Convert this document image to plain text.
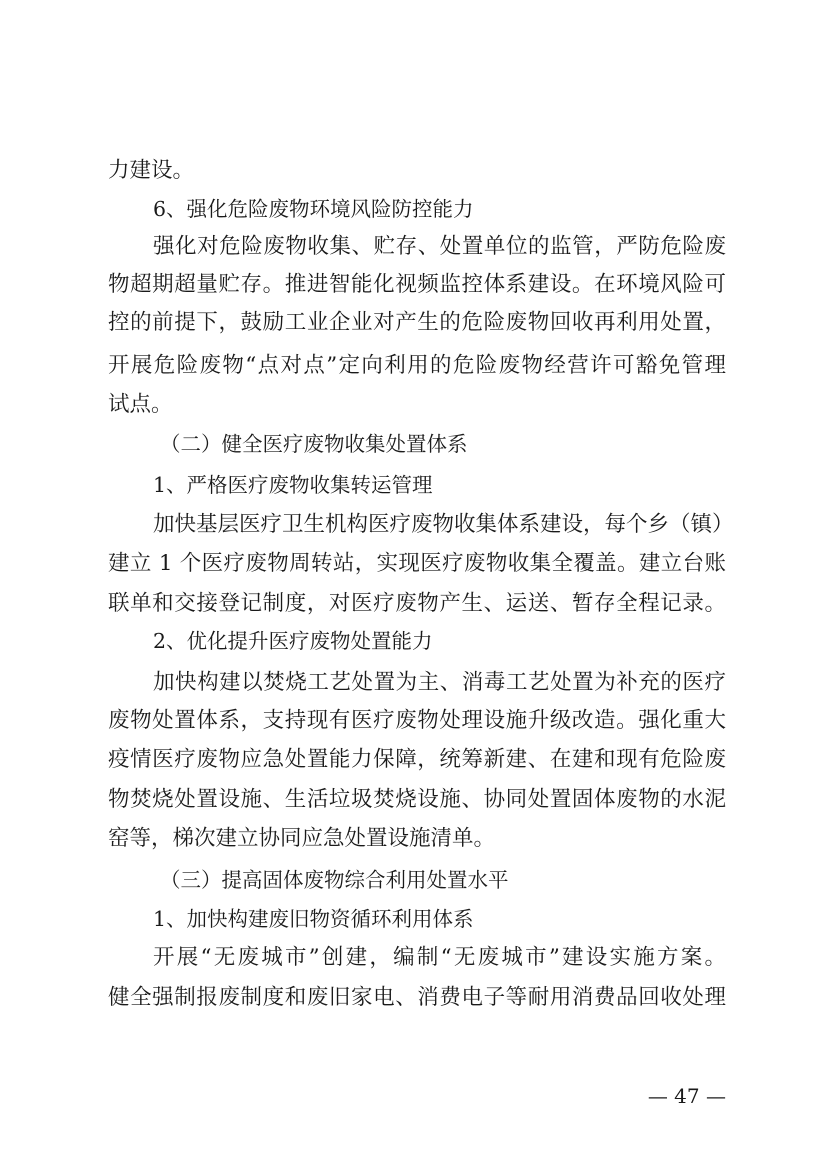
力建设。
6、强化危险废物环境风险防控能力
强化对危险废物收集、贮存、处置单位的监管，严防危险废
物超期超量贮存。推进智能化视频监控体系建设。在环境风险可
控的前提下，鼓励工业企业对产生的危险废物回收再利用处置，
开展危险废物“点对点”定向利用的危险废物经营许可豁免管理
试点。
（二）健全医疗废物收集处置体系
1、严格医疗废物收集转运管理
加快基层医疗卫生机构医疗废物收集体系建设，每个乡（镇）
建立 1 个医疗废物周转站，实现医疗废物收集全覆盖。建立台账
联单和交接登记制度，对医疗废物产生、运送、暂存全程记录。
2、优化提升医疗废物处置能力
加快构建以焚烧工艺处置为主、消毒工艺处置为补充的医疗
废物处置体系，支持现有医疗废物处理设施升级改造。强化重大
疫情医疗废物应急处置能力保障，统筹新建、在建和现有危险废
物焚烧处置设施、生活垃圾焚烧设施、协同处置固体废物的水泥
窑等，梯次建立协同应急处置设施清单。
（三）提高固体废物综合利用处置水平
1、加快构建废旧物资循环利用体系
开展“无废城市”创建，编制“无废城市”建设实施方案。
健全强制报废制度和废旧家电、消费电子等耐用消费品回收处理
— 47 —
